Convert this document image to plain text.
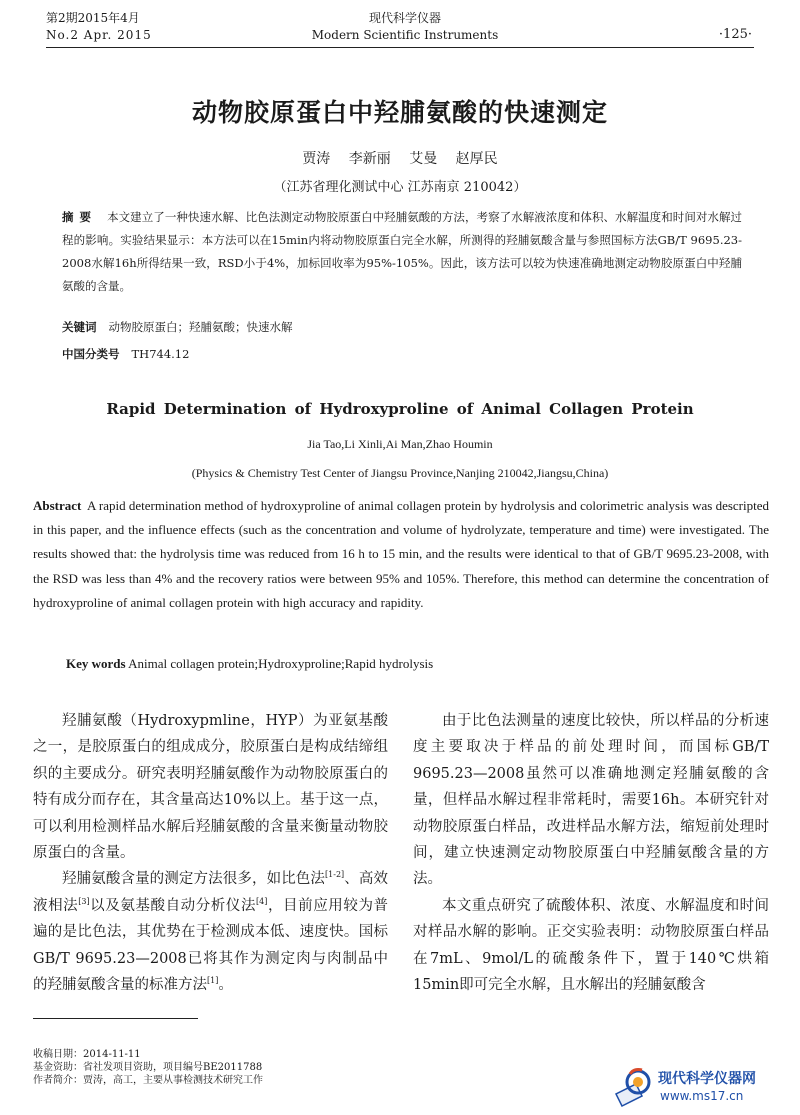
第2期2015年4月
No.2 Apr. 2015
现代科学仪器
Modern Scientific Instruments	·125·
动物胶原蛋白中羟脯氨酸的快速测定
贾涛 李新丽 艾曼 赵厚民
（江苏省理化测试中心 江苏南京 210042）
摘要 本文建立了一种快速水解、比色法测定动物胶原蛋白中羟脯氨酸的方法，考察了水解液浓度和体积、水解温度和时间对水解过程的影响。实验结果显示：本方法可以在15min内将动物胶原蛋白完全水解，所测得的羟脯氨酸含量与参照国标方法GB/T 9695.23-2008水解16h所得结果一致，RSD小于4%，加标回收率为95%-105%。因此，该方法可以较为快速准确地测定动物胶原蛋白中羟脯氨酸的含量。
关键词 动物胶原蛋白；羟脯氨酸；快速水解
中国分类号 TH744.12
Rapid Determination of Hydroxyproline of Animal Collagen Protein
Jia Tao,Li Xinli,Ai Man,Zhao Houmin
(Physics & Chemistry Test Center of Jiangsu Province,Nanjing 210042,Jiangsu,China)
Abstract A rapid determination method of hydroxyproline of animal collagen protein by hydrolysis and colorimetric analysis was descripted in this paper, and the influence effects (such as the concentration and volume of hydrolyzate, temperature and time) were investigated. The results showed that: the hydrolysis time was reduced from 16 h to 15 min, and the results were identical to that of GB/T 9695.23-2008, with the RSD was less than 4% and the recovery ratios were between 95% and 105%. Therefore, this method can determine the concentration of hydroxyproline of animal collagen protein with high accuracy and rapidity.
Key words Animal collagen protein;Hydroxyproline;Rapid hydrolysis

羟脯氨酸（Hydroxypmline，HYP）为亚氨基酸之一，是胶原蛋白的组成成分，胶原蛋白是构成结缔组织的主要成分。研究表明羟脯氨酸作为动物胶原蛋白的特有成分而存在，其含量高达10%以上。基于这一点，可以利用检测样品水解后羟脯氨酸的含量来衡量动物胶原蛋白的含量。

羟脯氨酸含量的测定方法很多，如比色法[1-2]、高效液相法[3]以及氨基酸自动分析仪法[4]，目前应用较为普遍的是比色法，其优势在于检测成本低、速度快。国标GB/T 9695.23—2008已将其作为测定肉与肉制品中的羟脯氨酸含量的标准方法[1]。

由于比色法测量的速度比较快，所以样品的分析速度主要取决于样品的前处理时间，而国标GB/T 9695.23—2008虽然可以准确地测定羟脯氨酸的含量，但样品水解过程非常耗时，需要16h。本研究针对动物胶原蛋白样品，改进样品水解方法，缩短前处理时间，建立快速测定动物胶原蛋白中羟脯氨酸含量的方法。

本文重点研究了硫酸体积、浓度、水解温度和时间对样品水解的影响。正交实验表明：动物胶原蛋白样品在7mL、9mol/L的硫酸条件下，置于140℃烘箱15min即可完全水解，且水解出的羟脯氨酸含

收稿日期：2014-11-11
基金资助：省社发项目资助，项目编号BE2011788
作者简介：贾涛，高工，主要从事检测技术研究工作	现代科学仪器网
www.ms17.cn
